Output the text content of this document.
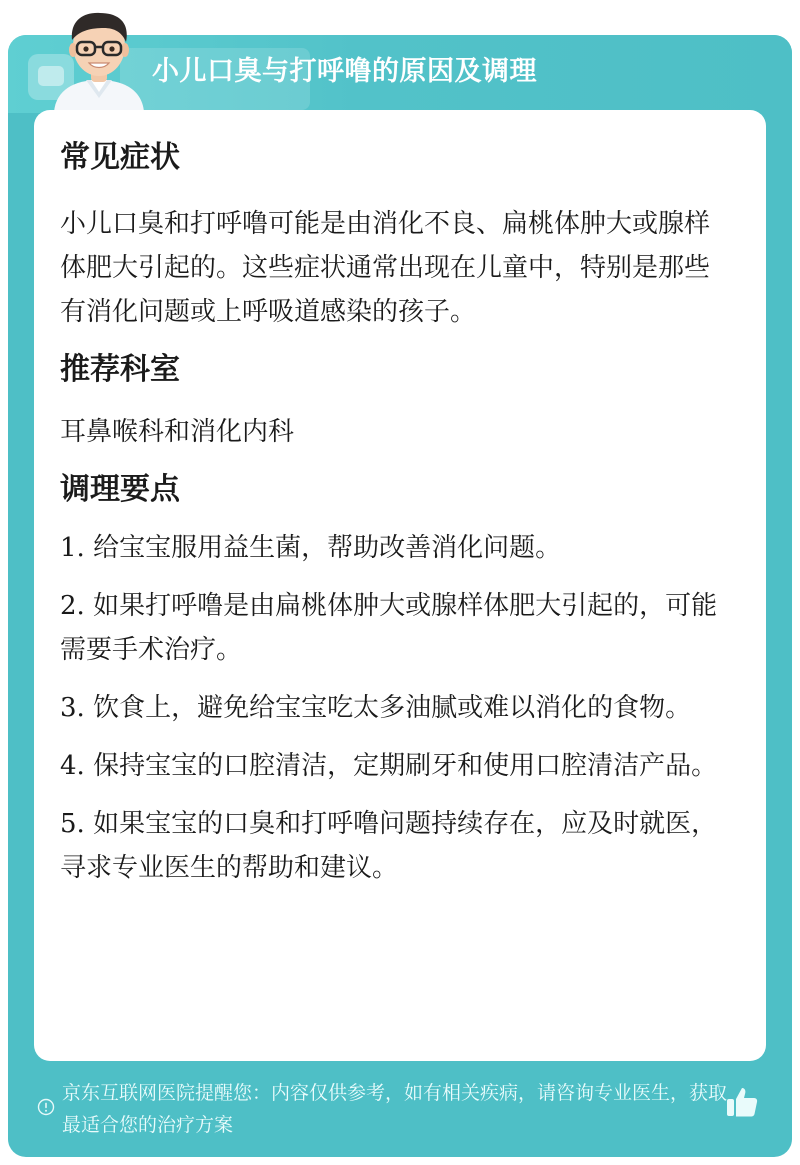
小儿口臭与打呼噜的原因及调理

常见症状

小儿口臭和打呼噜可能是由消化不良、扁桃体肿大或腺样体肥大引起的。这些症状通常出现在儿童中，特别是那些有消化问题或上呼吸道感染的孩子。

推荐科室

耳鼻喉科和消化内科

调理要点

1. 给宝宝服用益生菌，帮助改善消化问题。

2. 如果打呼噜是由扁桃体肿大或腺样体肥大引起的，可能需要手术治疗。

3. 饮食上，避免给宝宝吃太多油腻或难以消化的食物。

4. 保持宝宝的口腔清洁，定期刷牙和使用口腔清洁产品。

5. 如果宝宝的口臭和打呼噜问题持续存在，应及时就医，寻求专业医生的帮助和建议。

京东互联网医院提醒您：内容仅供参考，如有相关疾病，请咨询专业医生，获取最适合您的治疗方案
